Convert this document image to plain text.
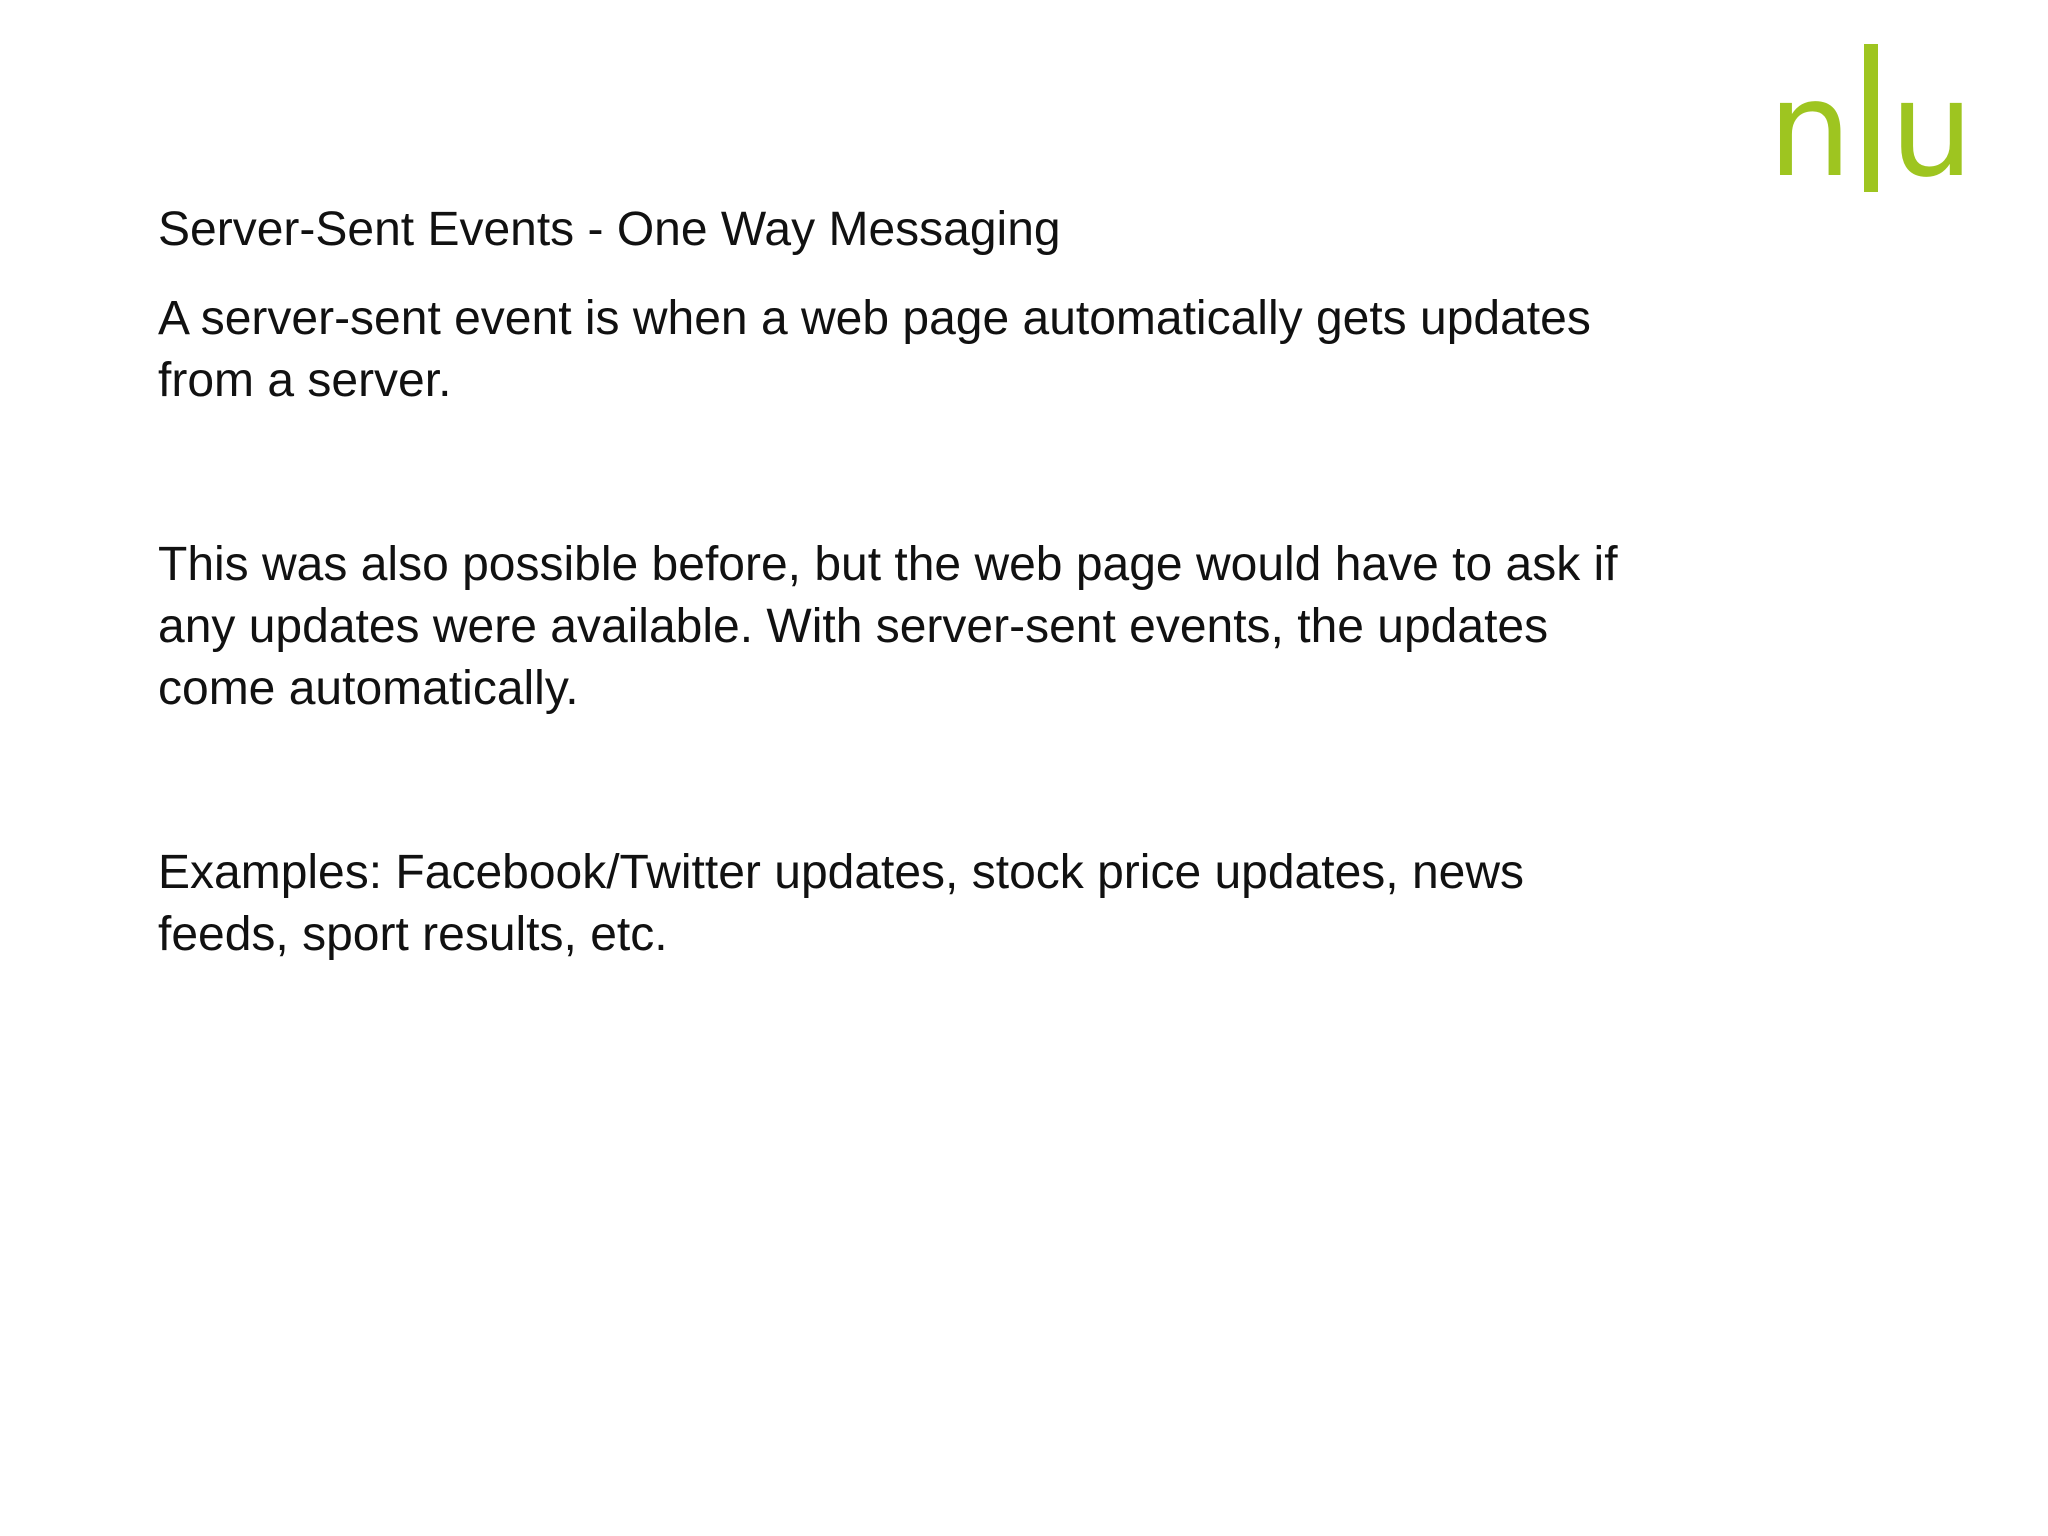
n u
Server-Sent Events - One Way Messaging

A server-sent event is when a web page automatically gets updates from a server.

This was also possible before, but the web page would have to ask if any updates were available. With server-sent events, the updates come automatically.

Examples: Facebook/Twitter updates, stock price updates, news feeds, sport results, etc.
